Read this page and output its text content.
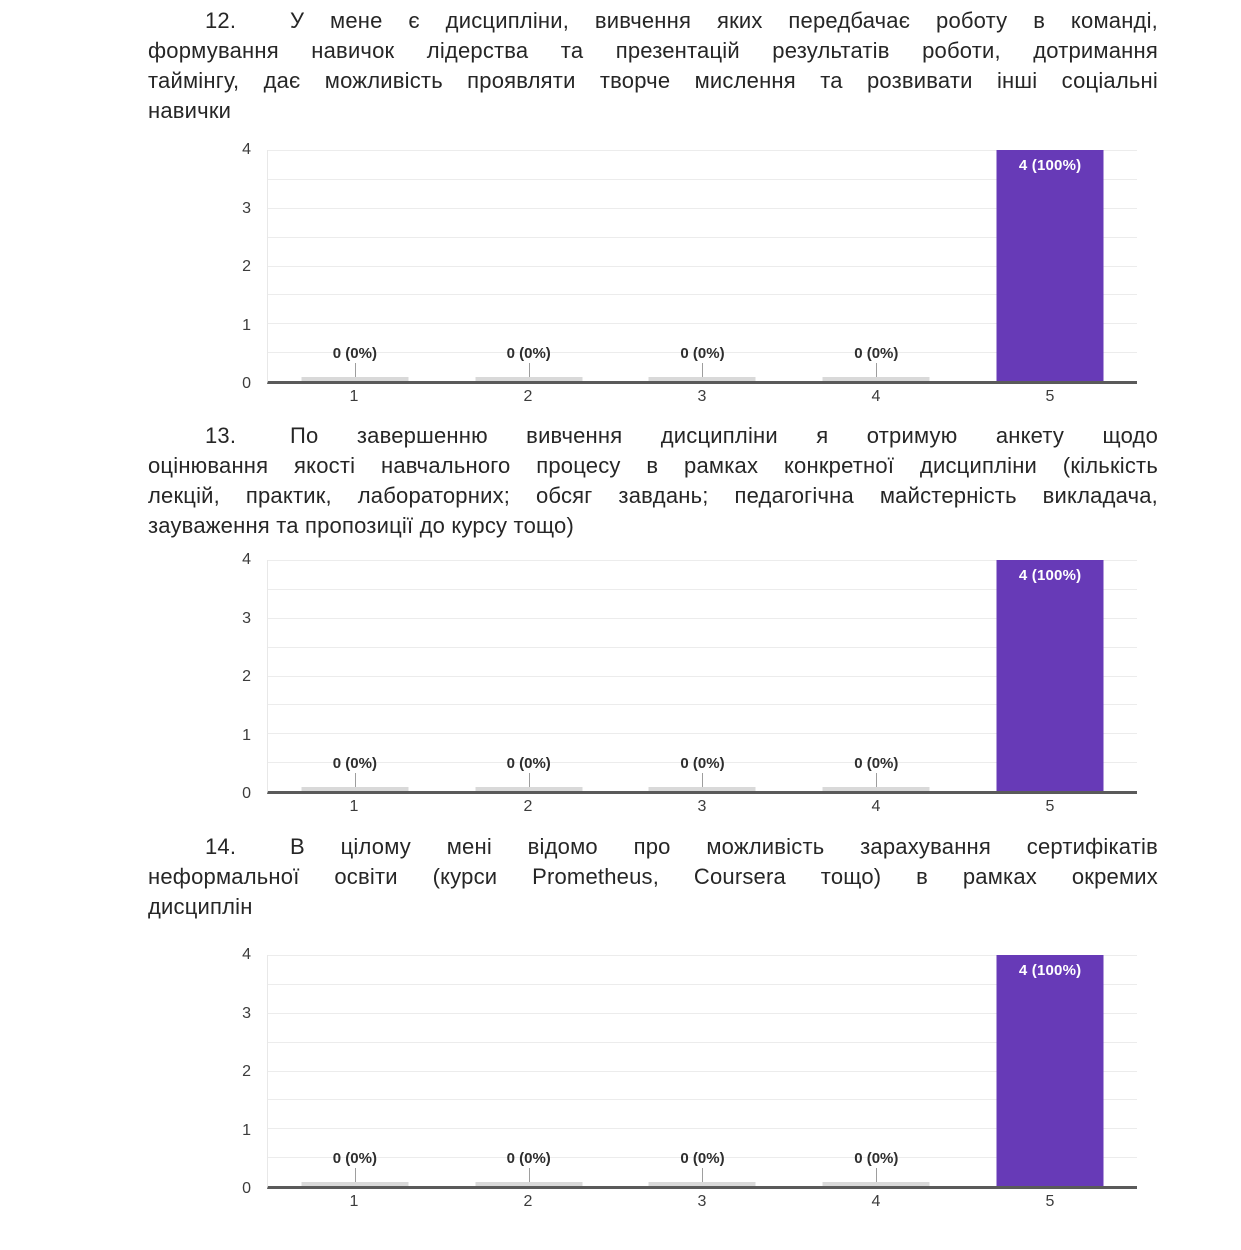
12. У мене є дисципліни, вивчення яких передбачає роботу в команді,
формування навичок лідерства та презентацій результатів роботи, дотримання
таймінгу, дає можливість проявляти творче мислення та розвивати інші соціальні
навички
0
1
2
3
4
0 (0%)	0 (0%)	0 (0%)	0 (0%)
4 (100%)
1	2	3	4	5
13. По завершенню вивчення дисципліни я отримую анкету щодо
оцінювання якості навчального процесу в рамках конкретної дисципліни (кількість
лекцій, практик, лабораторних; обсяг завдань; педагогічна майстерність викладача,
зауваження та пропозиції до курсу тощо)
0
1
2
3
4
0 (0%)	0 (0%)	0 (0%)	0 (0%)
4 (100%)
1	2	3	4	5
14. В цілому мені відомо про можливість зарахування сертифікатів
неформальної освіти (курси Prometheus, Coursera тощо) в рамках окремих
дисциплін
0
1
2
3
4
0 (0%)	0 (0%)	0 (0%)	0 (0%)
4 (100%)
1	2	3	4	5
